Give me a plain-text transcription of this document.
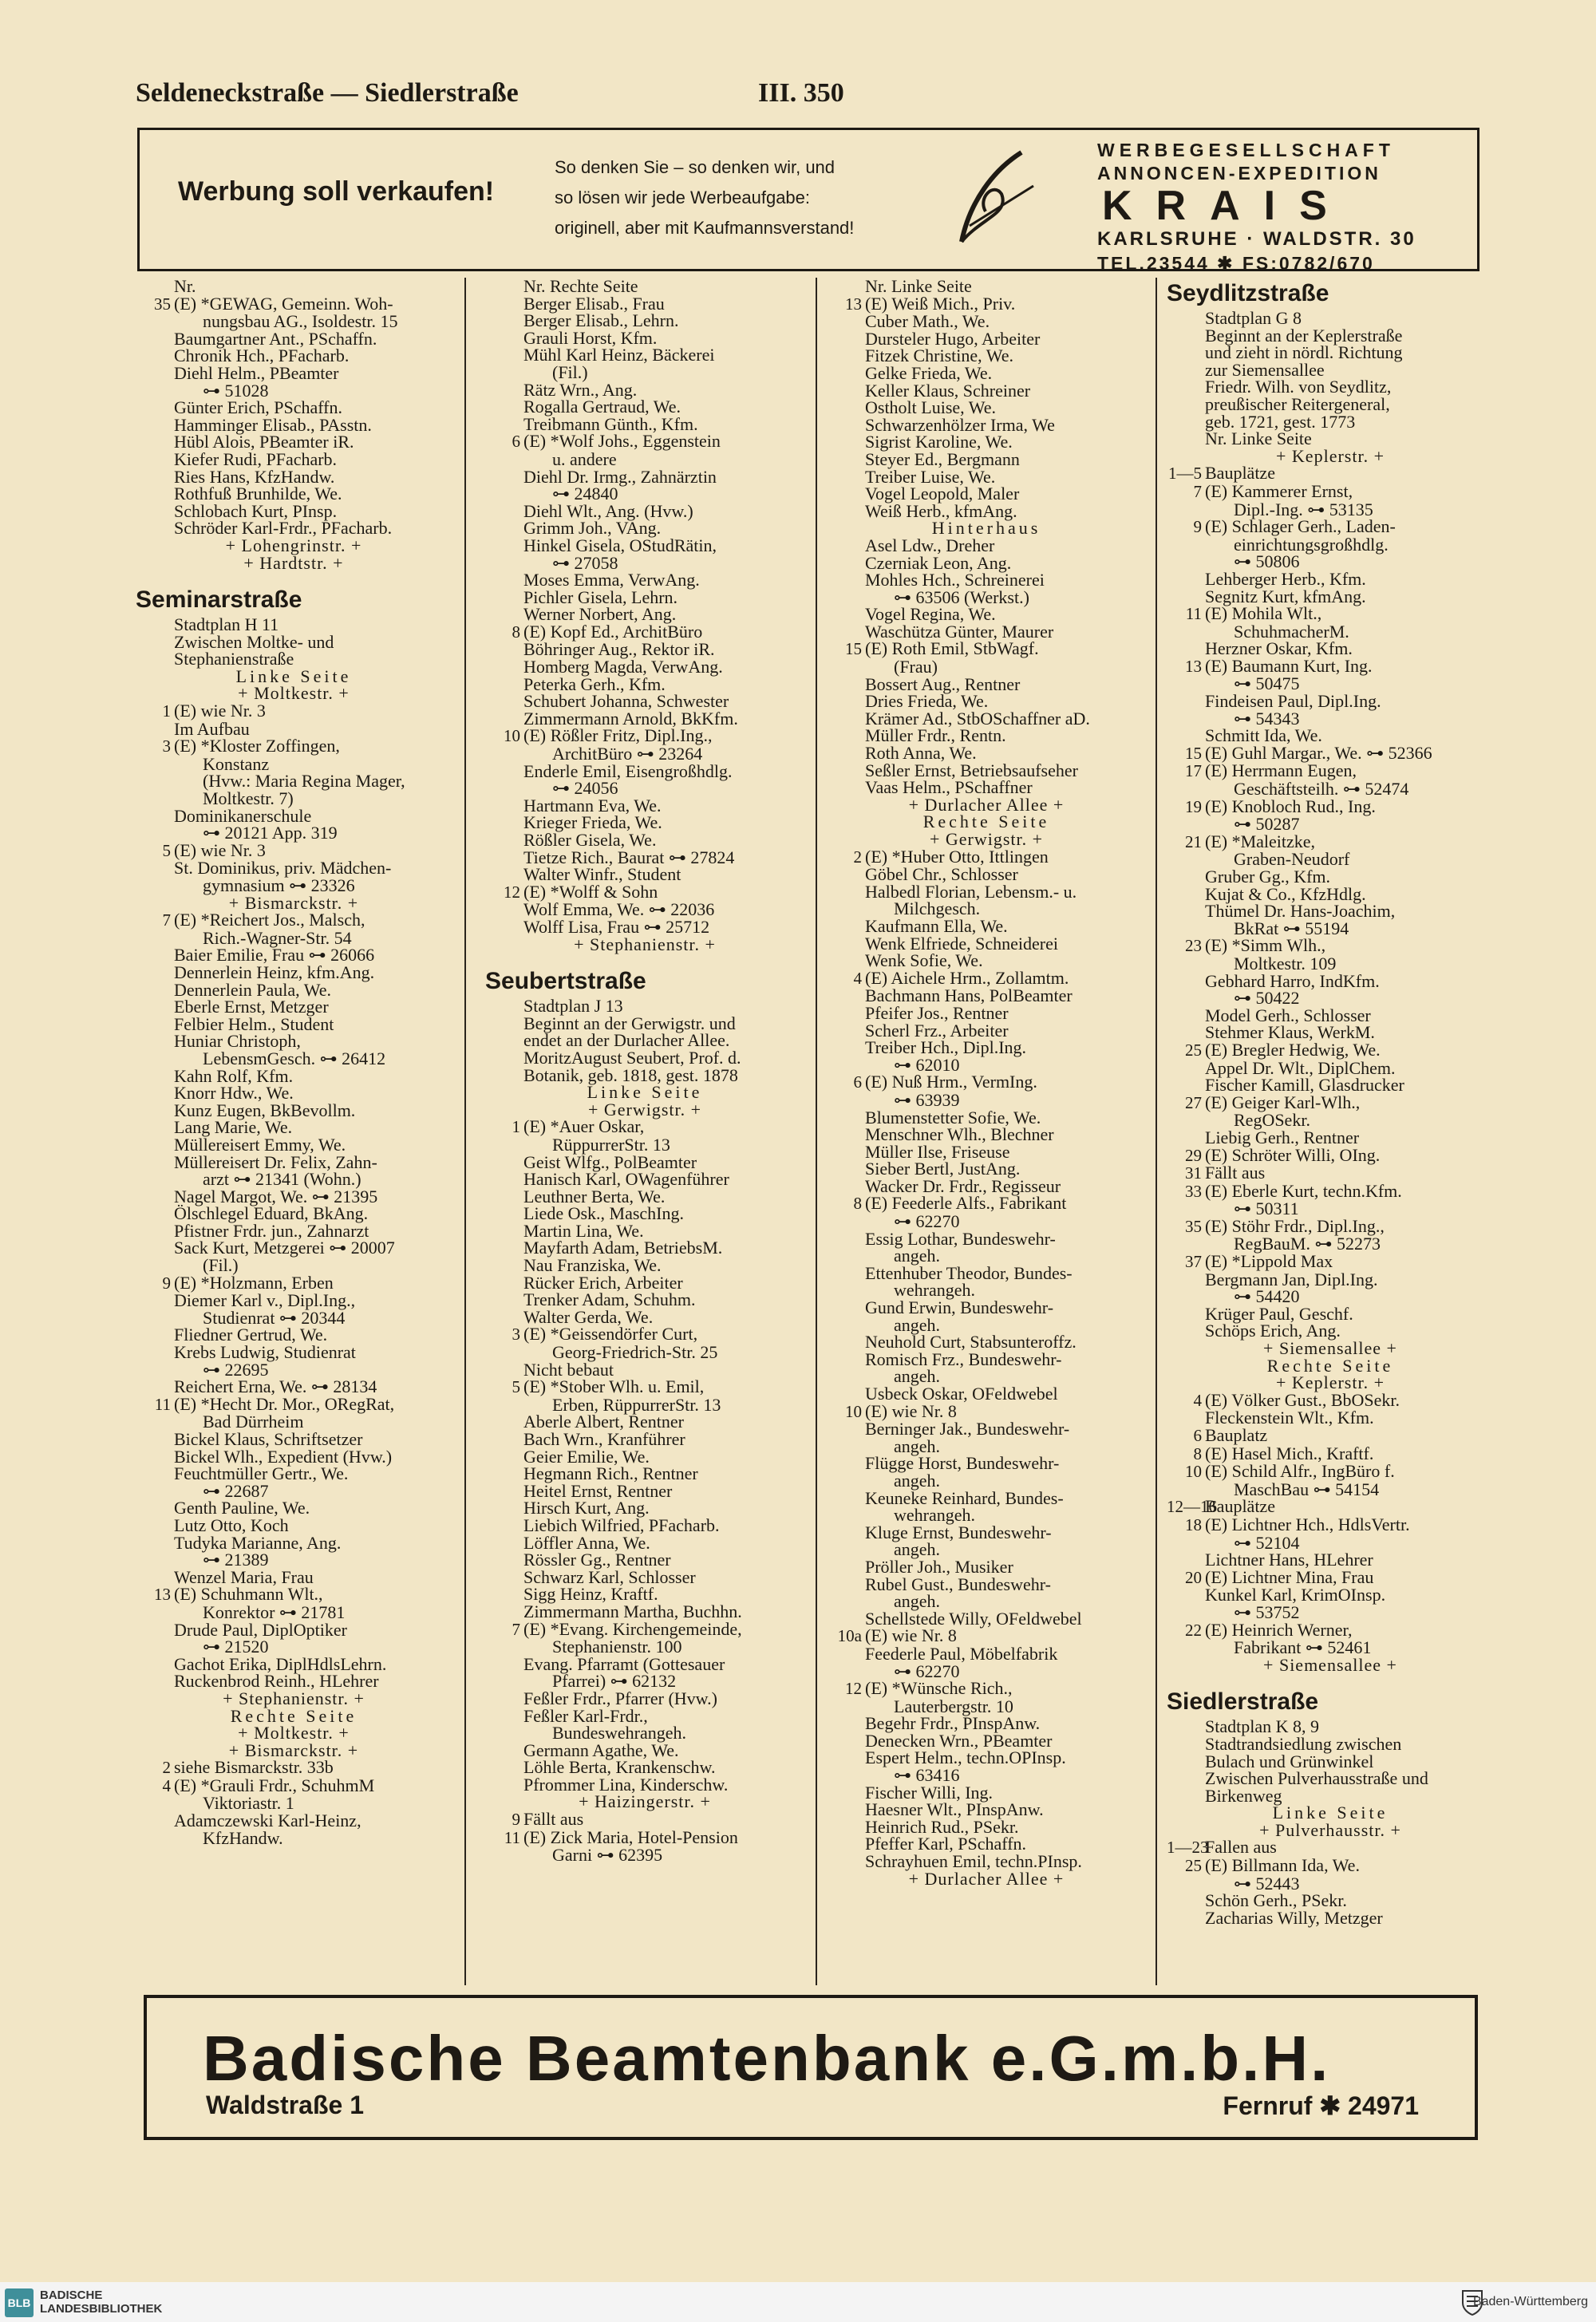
Seldeneckstraße — Siedlerstraße	III. 350
Werbung soll verkaufen!
So denken Sie – so denken wir, und
so lösen wir jede Werbeaufgabe:
originell, aber mit Kaufmannsverstand!
WERBEGESELLSCHAFT
ANNONCEN-EXPEDITION
KRAIS
KARLSRUHE · WALDSTR. 30
TEL.23544 ✱ FS:0782/670
Nr.
35 (E) *GEWAG, Gemeinn. Woh-
nungsbau AG., Isoldestr. 15
Baumgartner Ant., PSchaffn.
Chronik Hch., PFacharb.
Diehl Helm., PBeamter
⊶ 51028
Günter Erich, PSchaffn.
Hamminger Elisab., PAsstn.
Hübl Alois, PBeamter iR.
Kiefer Rudi, PFacharb.
Ries Hans, KfzHandw.
Rothfuß Brunhilde, We.
Schlobach Kurt, PInsp.
Schröder Karl-Frdr., PFacharb.
+ Lohengrinstr. +
+ Hardtstr. +
Seminarstraße
Stadtplan H 11
Zwischen Moltke- und
Stephanienstraße
Linke Seite
+ Moltkestr. +
1 (E) wie Nr. 3
Im Aufbau
3 (E) *Kloster Zoffingen,
Konstanz
(Hvw.: Maria Regina Mager,
Moltkestr. 7)
Dominikanerschule
⊶ 20121 App. 319
5 (E) wie Nr. 3
St. Dominikus, priv. Mädchen-
gymnasium ⊶ 23326
+ Bismarckstr. +
7 (E) *Reichert Jos., Malsch,
Rich.-Wagner-Str. 54
Baier Emilie, Frau ⊶ 26066
Dennerlein Heinz, kfm.Ang.
Dennerlein Paula, We.
Eberle Ernst, Metzger
Felbier Helm., Student
Huniar Christoph,
LebensmGesch. ⊶ 26412
Kahn Rolf, Kfm.
Knorr Hdw., We.
Kunz Eugen, BkBevollm.
Lang Marie, We.
Müllereisert Emmy, We.
Müllereisert Dr. Felix, Zahn-
arzt ⊶ 21341 (Wohn.)
Nagel Margot, We. ⊶ 21395
Ölschlegel Eduard, BkAng.
Pfistner Frdr. jun., Zahnarzt
Sack Kurt, Metzgerei ⊶ 20007
(Fil.)
9 (E) *Holzmann, Erben
Diemer Karl v., Dipl.Ing.,
Studienrat ⊶ 20344
Fliedner Gertrud, We.
Krebs Ludwig, Studienrat
⊶ 22695
Reichert Erna, We. ⊶ 28134
11 (E) *Hecht Dr. Mor., ORegRat,
Bad Dürrheim
Bickel Klaus, Schriftsetzer
Bickel Wlh., Expedient (Hvw.)
Feuchtmüller Gertr., We.
⊶ 22687
Genth Pauline, We.
Lutz Otto, Koch
Tudyka Marianne, Ang.
⊶ 21389
Wenzel Maria, Frau
13 (E) Schuhmann Wlt.,
Konrektor ⊶ 21781
Drude Paul, DiplOptiker
⊶ 21520
Gachot Erika, DiplHdlsLehrn.
Ruckenbrod Reinh., HLehrer
+ Stephanienstr. +
Rechte Seite
+ Moltkestr. +
+ Bismarckstr. +
2 siehe Bismarckstr. 33b
4 (E) *Grauli Frdr., SchuhmM
Viktoriastr. 1
Adamczewski Karl-Heinz,
KfzHandw.
Nr. Rechte Seite
Berger Elisab., Frau
Berger Elisab., Lehrn.
Grauli Horst, Kfm.
Mühl Karl Heinz, Bäckerei
(Fil.)
Rätz Wrn., Ang.
Rogalla Gertraud, We.
Treibmann Günth., Kfm.
6 (E) *Wolf Johs., Eggenstein
u. andere
Diehl Dr. Irmg., Zahnärztin
⊶ 24840
Diehl Wlt., Ang. (Hvw.)
Grimm Joh., VAng.
Hinkel Gisela, OStudRätin,
⊶ 27058
Moses Emma, VerwAng.
Pichler Gisela, Lehrn.
Werner Norbert, Ang.
8 (E) Kopf Ed., ArchitBüro
Böhringer Aug., Rektor iR.
Homberg Magda, VerwAng.
Peterka Gerh., Kfm.
Schubert Johanna, Schwester
Zimmermann Arnold, BkKfm.
10 (E) Rößler Fritz, Dipl.Ing.,
ArchitBüro ⊶ 23264
Enderle Emil, Eisengroßhdlg.
⊶ 24056
Hartmann Eva, We.
Krieger Frieda, We.
Rößler Gisela, We.
Tietze Rich., Baurat ⊶ 27824
Walter Winfr., Student
12 (E) *Wolff & Sohn
Wolf Emma, We. ⊶ 22036
Wolff Lisa, Frau ⊶ 25712
+ Stephanienstr. +
Seubertstraße
Stadtplan J 13
Beginnt an der Gerwigstr. und
endet an der Durlacher Allee.
MoritzAugust Seubert, Prof. d.
Botanik, geb. 1818, gest. 1878
Linke Seite
+ Gerwigstr. +
1 (E) *Auer Oskar,
RüppurrerStr. 13
Geist Wlfg., PolBeamter
Hanisch Karl, OWagenführer
Leuthner Berta, We.
Liede Osk., MaschIng.
Martin Lina, We.
Mayfarth Adam, BetriebsM.
Nau Franziska, We.
Rücker Erich, Arbeiter
Trenker Adam, Schuhm.
Walter Gerda, We.
3 (E) *Geissendörfer Curt,
Georg-Friedrich-Str. 25
Nicht bebaut
5 (E) *Stober Wlh. u. Emil,
Erben, RüppurrerStr. 13
Aberle Albert, Rentner
Bach Wrn., Kranführer
Geier Emilie, We.
Hegmann Rich., Rentner
Heitel Ernst, Rentner
Hirsch Kurt, Ang.
Liebich Wilfried, PFacharb.
Löffler Anna, We.
Rössler Gg., Rentner
Schwarz Karl, Schlosser
Sigg Heinz, Kraftf.
Zimmermann Martha, Buchhn.
7 (E) *Evang. Kirchengemeinde,
Stephanienstr. 100
Evang. Pfarramt (Gottesauer
Pfarrei) ⊶ 62132
Feßler Frdr., Pfarrer (Hvw.)
Feßler Karl-Frdr.,
Bundeswehrangeh.
Germann Agathe, We.
Löhle Berta, Krankenschw.
Pfrommer Lina, Kinderschw.
+ Haizingerstr. +
9 Fällt aus
11 (E) Zick Maria, Hotel-Pension
Garni ⊶ 62395
Nr. Linke Seite
13 (E) Weiß Mich., Priv.
Cuber Math., We.
Dursteler Hugo, Arbeiter
Fitzek Christine, We.
Gelke Frieda, We.
Keller Klaus, Schreiner
Ostholt Luise, We.
Schwarzenhölzer Irma, We
Sigrist Karoline, We.
Steyer Ed., Bergmann
Treiber Luise, We.
Vogel Leopold, Maler
Weiß Herb., kfmAng.
Hinterhaus
Asel Ldw., Dreher
Czerniak Leon, Ang.
Mohles Hch., Schreinerei
⊶ 63506 (Werkst.)
Vogel Regina, We.
Waschütza Günter, Maurer
15 (E) Roth Emil, StbWagf.
(Frau)
Bossert Aug., Rentner
Dries Frieda, We.
Krämer Ad., StbOSchaffner aD.
Müller Frdr., Rentn.
Roth Anna, We.
Seßler Ernst, Betriebsaufseher
Vaas Helm., PSchaffner
+ Durlacher Allee +
Rechte Seite
+ Gerwigstr. +
2 (E) *Huber Otto, Ittlingen
Göbel Chr., Schlosser
Halbedl Florian, Lebensm.- u.
Milchgesch.
Kaufmann Ella, We.
Wenk Elfriede, Schneiderei
Wenk Sofie, We.
4 (E) Aichele Hrm., Zollamtm.
Bachmann Hans, PolBeamter
Pfeifer Jos., Rentner
Scherl Frz., Arbeiter
Treiber Hch., Dipl.Ing.
⊶ 62010
6 (E) Nuß Hrm., VermIng.
⊶ 63939
Blumenstetter Sofie, We.
Menschner Wlh., Blechner
Müller Ilse, Friseuse
Sieber Bertl, JustAng.
Wacker Dr. Frdr., Regisseur
8 (E) Feederle Alfs., Fabrikant
⊶ 62270
Essig Lothar, Bundeswehr-
angeh.
Ettenhuber Theodor, Bundes-
wehrangeh.
Gund Erwin, Bundeswehr-
angeh.
Neuhold Curt, Stabsunteroffz.
Romisch Frz., Bundeswehr-
angeh.
Usbeck Oskar, OFeldwebel
10 (E) wie Nr. 8
Berninger Jak., Bundeswehr-
angeh.
Flügge Horst, Bundeswehr-
angeh.
Keuneke Reinhard, Bundes-
wehrangeh.
Kluge Ernst, Bundeswehr-
angeh.
Pröller Joh., Musiker
Rubel Gust., Bundeswehr-
angeh.
Schellstede Willy, OFeldwebel
10a (E) wie Nr. 8
Feederle Paul, Möbelfabrik
⊶ 62270
12 (E) *Wünsche Rich.,
Lauterbergstr. 10
Begehr Frdr., PInspAnw.
Denecken Wrn., PBeamter
Espert Helm., techn.OPInsp.
⊶ 63416
Fischer Willi, Ing.
Haesner Wlt., PInspAnw.
Heinrich Rud., PSekr.
Pfeffer Karl, PSchaffn.
Schrayhuen Emil, techn.PInsp.
+ Durlacher Allee +
Seydlitzstraße
Stadtplan G 8
Beginnt an der Keplerstraße
und zieht in nördl. Richtung
zur Siemensallee
Friedr. Wilh. von Seydlitz,
preußischer Reitergeneral,
geb. 1721, gest. 1773
Nr. Linke Seite
+ Keplerstr. +
1—5 Bauplätze
7 (E) Kammerer Ernst,
Dipl.-Ing. ⊶ 53135
9 (E) Schlager Gerh., Laden-
einrichtungsgroßhdlg.
⊶ 50806
Lehberger Herb., Kfm.
Segnitz Kurt, kfmAng.
11 (E) Mohila Wlt.,
SchuhmacherM.
Herzner Oskar, Kfm.
13 (E) Baumann Kurt, Ing.
⊶ 50475
Findeisen Paul, Dipl.Ing.
⊶ 54343
Schmitt Ida, We.
15 (E) Guhl Margar., We. ⊶ 52366
17 (E) Herrmann Eugen,
Geschäftsteilh. ⊶ 52474
19 (E) Knobloch Rud., Ing.
⊶ 50287
21 (E) *Maleitzke,
Graben-Neudorf
Gruber Gg., Kfm.
Kujat & Co., KfzHdlg.
Thümel Dr. Hans-Joachim,
BkRat ⊶ 55194
23 (E) *Simm Wlh.,
Moltkestr. 109
Gebhard Harro, IndKfm.
⊶ 50422
Model Gerh., Schlosser
Stehmer Klaus, WerkM.
25 (E) Bregler Hedwig, We.
Appel Dr. Wlt., DiplChem.
Fischer Kamill, Glasdrucker
27 (E) Geiger Karl-Wlh.,
RegOSekr.
Liebig Gerh., Rentner
29 (E) Schröter Willi, OIng.
31 Fällt aus
33 (E) Eberle Kurt, techn.Kfm.
⊶ 50311
35 (E) Stöhr Frdr., Dipl.Ing.,
RegBauM. ⊶ 52273
37 (E) *Lippold Max
Bergmann Jan, Dipl.Ing.
⊶ 54420
Krüger Paul, Geschf.
Schöps Erich, Ang.
+ Siemensallee +
Rechte Seite
+ Keplerstr. +
4 (E) Völker Gust., BbOSekr.
Fleckenstein Wlt., Kfm.
6 Bauplatz
8 (E) Hasel Mich., Kraftf.
10 (E) Schild Alfr., IngBüro f.
MaschBau ⊶ 54154
12—16Bauplätze
18 (E) Lichtner Hch., HdlsVertr.
⊶ 52104
Lichtner Hans, HLehrer
20 (E) Lichtner Mina, Frau
Kunkel Karl, KrimOInsp.
⊶ 53752
22 (E) Heinrich Werner,
Fabrikant ⊶ 52461
+ Siemensallee +
Siedlerstraße
Stadtplan K 8, 9
Stadtrandsiedlung zwischen
Bulach und Grünwinkel
Zwischen Pulverhausstraße und
Birkenweg
Linke Seite
+ Pulverhausstr. +
1—23Fallen aus
25 (E) Billmann Ida, We.
⊶ 52443
Schön Gerh., PSekr.
Zacharias Willy, Metzger
Badische Beamtenbank e.G.m.b.H.
Waldstraße 1	Fernruf ✱ 24971
BLB
BADISCHE
LANDESBIBLIOTHEK
Baden-Württemberg
